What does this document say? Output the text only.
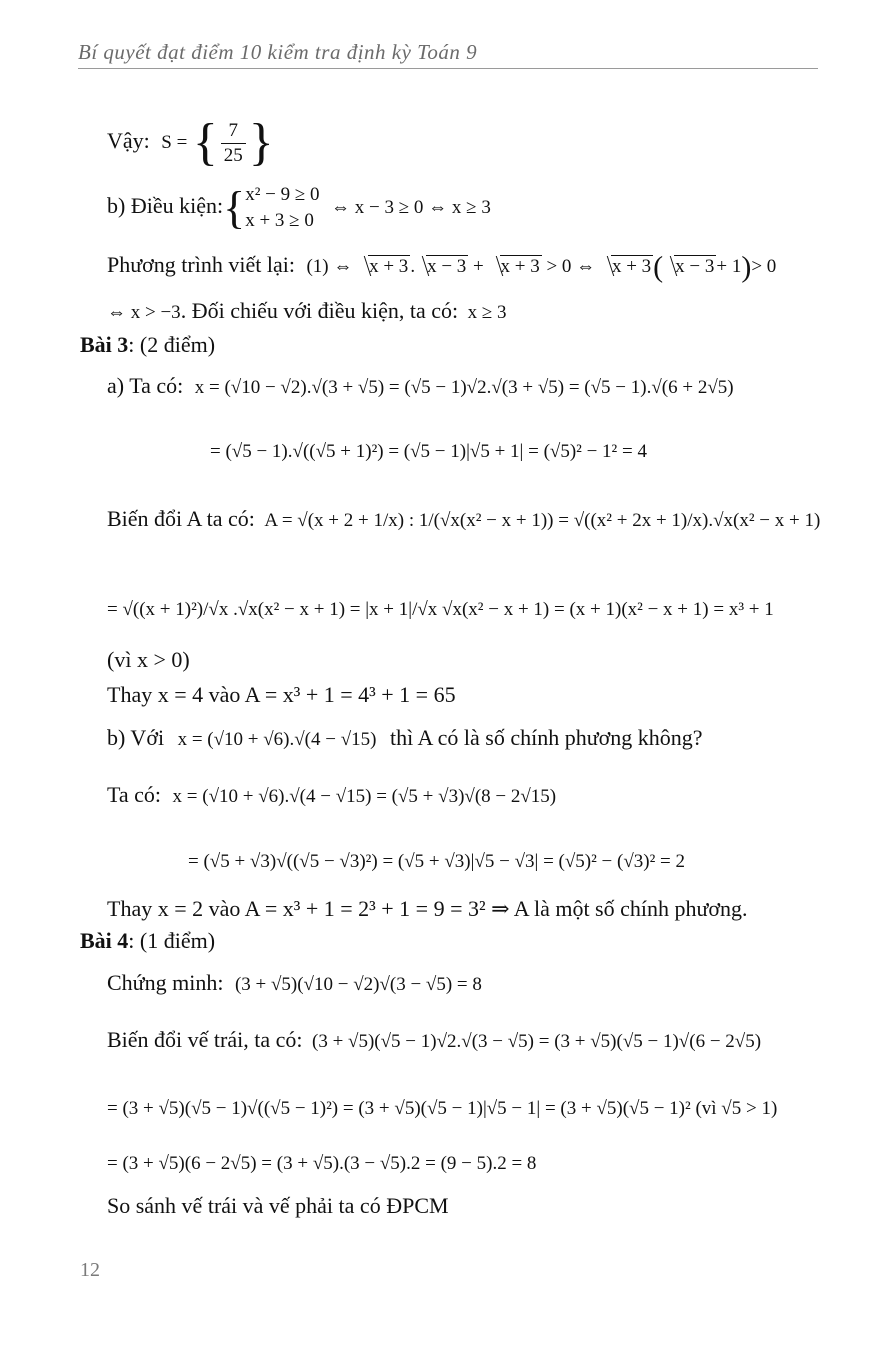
Bí quyết đạt điểm 10 kiểm tra định kỳ Toán 9
Vậy: S = { $\frac{7}{25}$ }
b) Điều kiện:{ x² − 9 ≥ 0
x + 3 ≥ 0
⇔ x − 3 ≥ 0 ⇔ x ≥ 3
Phương trình viết lại: (1) ⇔ x + 3 . x − 3 + x + 3 > 0 ⇔ x + 3( x − 3 + 1)> 0
⇔ x > −3. Đối chiếu với điều kiện, ta có: x ≥ 3
Bài 3: (2 điểm)
a) Ta có: x = (√10 − √2).√(3 + √5) = (√5 − 1)√2.√(3 + √5) = (√5 − 1).√(6 + 2√5)
= (√5 − 1).√((√5 + 1)²) = (√5 − 1)|√5 + 1| = (√5)² − 1² = 4
Biến đổi A ta có: A = √(x + 2 + 1/x) : 1/(√x(x² − x + 1)) = √((x² + 2x + 1)/x).√x(x² − x + 1)
= √((x + 1)²)/√x .√x(x² − x + 1) = |x + 1|/√x √x(x² − x + 1) = (x + 1)(x² − x + 1) = x³ + 1
(vì x > 0)
Thay x = 4 vào A = x³ + 1 = 4³ + 1 = 65
b) Với x = (√10 + √6).√(4 − √15) thì A có là số chính phương không?
Ta có: x = (√10 + √6).√(4 − √15) = (√5 + √3)√(8 − 2√15)
= (√5 + √3)√((√5 − √3)²) = (√5 + √3)|√5 − √3| = (√5)² − (√3)² = 2
Thay x = 2 vào A = x³ + 1 = 2³ + 1 = 9 = 3² ⇒ A là một số chính phương.
Bài 4: (1 điểm)
Chứng minh: (3 + √5)(√10 − √2)√(3 − √5) = 8
Biến đổi vế trái, ta có: (3 + √5)(√5 − 1)√2.√(3 − √5) = (3 + √5)(√5 − 1)√(6 − 2√5)
= (3 + √5)(√5 − 1)√((√5 − 1)²) = (3 + √5)(√5 − 1)|√5 − 1| = (3 + √5)(√5 − 1)² (vì √5 > 1)
= (3 + √5)(6 − 2√5) = (3 + √5).(3 − √5).2 = (9 − 5).2 = 8
So sánh vế trái và vế phải ta có ĐPCM
12
